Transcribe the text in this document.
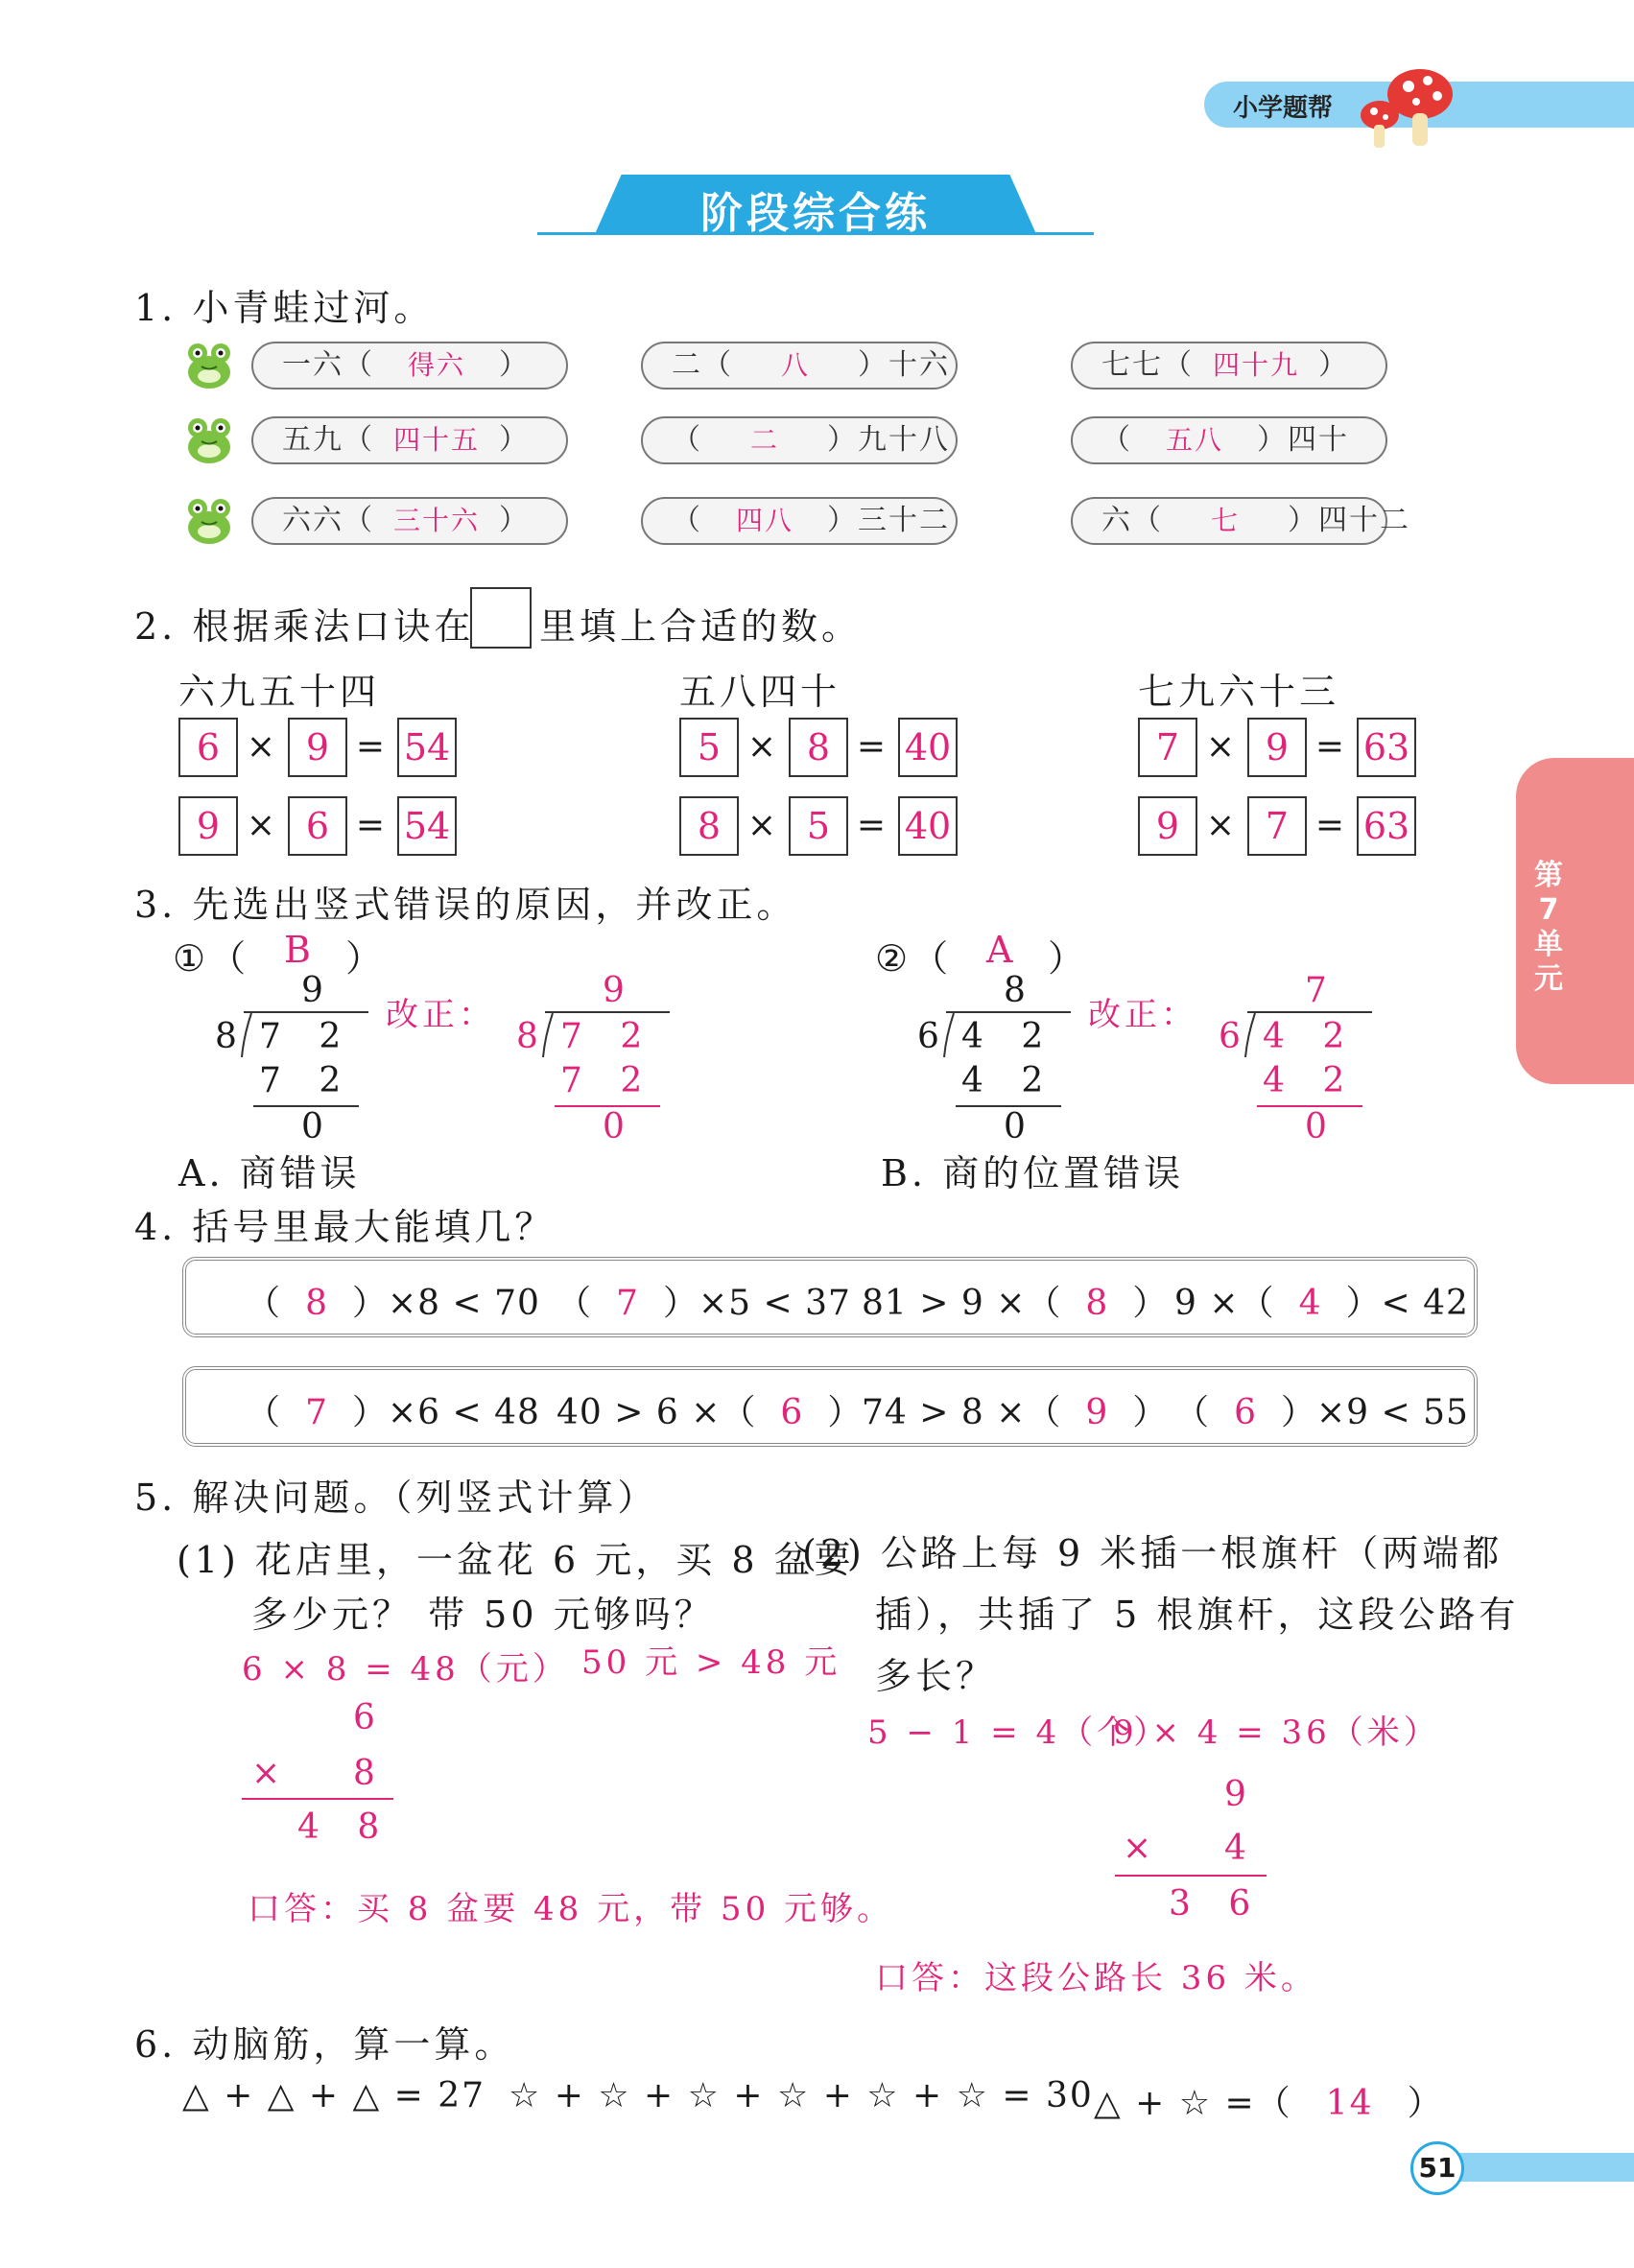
小学题帮
阶段综合练
第7单元
1. 小青蛙过河。
一六（ 得六 ）	二（ 八 ）十六	七七（ 四十九 ）
五九（ 四十五 ）	（ 二 ）九十八	（ 五八 ）四十
六六（ 三十六 ）	（ 四八 ）三十二	六（ 七 ）四十二
2. 根据乘法口诀在 里填上合适的数。
六九五十四
6 × 9 = 54
9 × 6 = 54
五八四十
5 × 8 = 40
8 × 5 = 40
七九六十三
7 × 9 = 63
9 × 7 = 63
3. 先选出竖式错误的原因，并改正。
①（ B ）
9
8 7 2
7 2
0
改正：
9
8 7 2
7 2
0
A. 商错误
②（ A ）
8
6 4 2
4 2
0
改正：
7
6 4 2
4 2
0
B. 商的位置错误
4. 括号里最大能填几？
（ 8 ）×8 < 70 （ 7 ）×5 < 37 81 > 9 ×（ 8 ） 9 ×（ 4 ）< 42
（ 7 ）×6 < 48 40 > 6 ×（ 6 ）
74 > 8 ×（ 9 ） （ 6 ）×9 < 55
5. 解决问题。（列竖式计算）
(1) 花店里，一盆花 6 元，买 8 盆要
多少元？ 带 50 元够吗？
6 × 8 = 48（元） 50 元 > 48 元
6
× 8
4 8
口答：买 8 盆要 48 元，带 50 元够。
(2) 公路上每 9 米插一根旗杆（两端都
插），共插了 5 根旗杆，这段公路有
多长？
5 − 1 = 4（个）
9 × 4 = 36（米）
9
× 4
3 6
口答：这段公路长 36 米。
6. 动脑筋，算一算。
△ + △ + △ = 27 ☆ + ☆ + ☆ + ☆ + ☆ + ☆ = 30 △ + ☆ =（ 14 ）
51
